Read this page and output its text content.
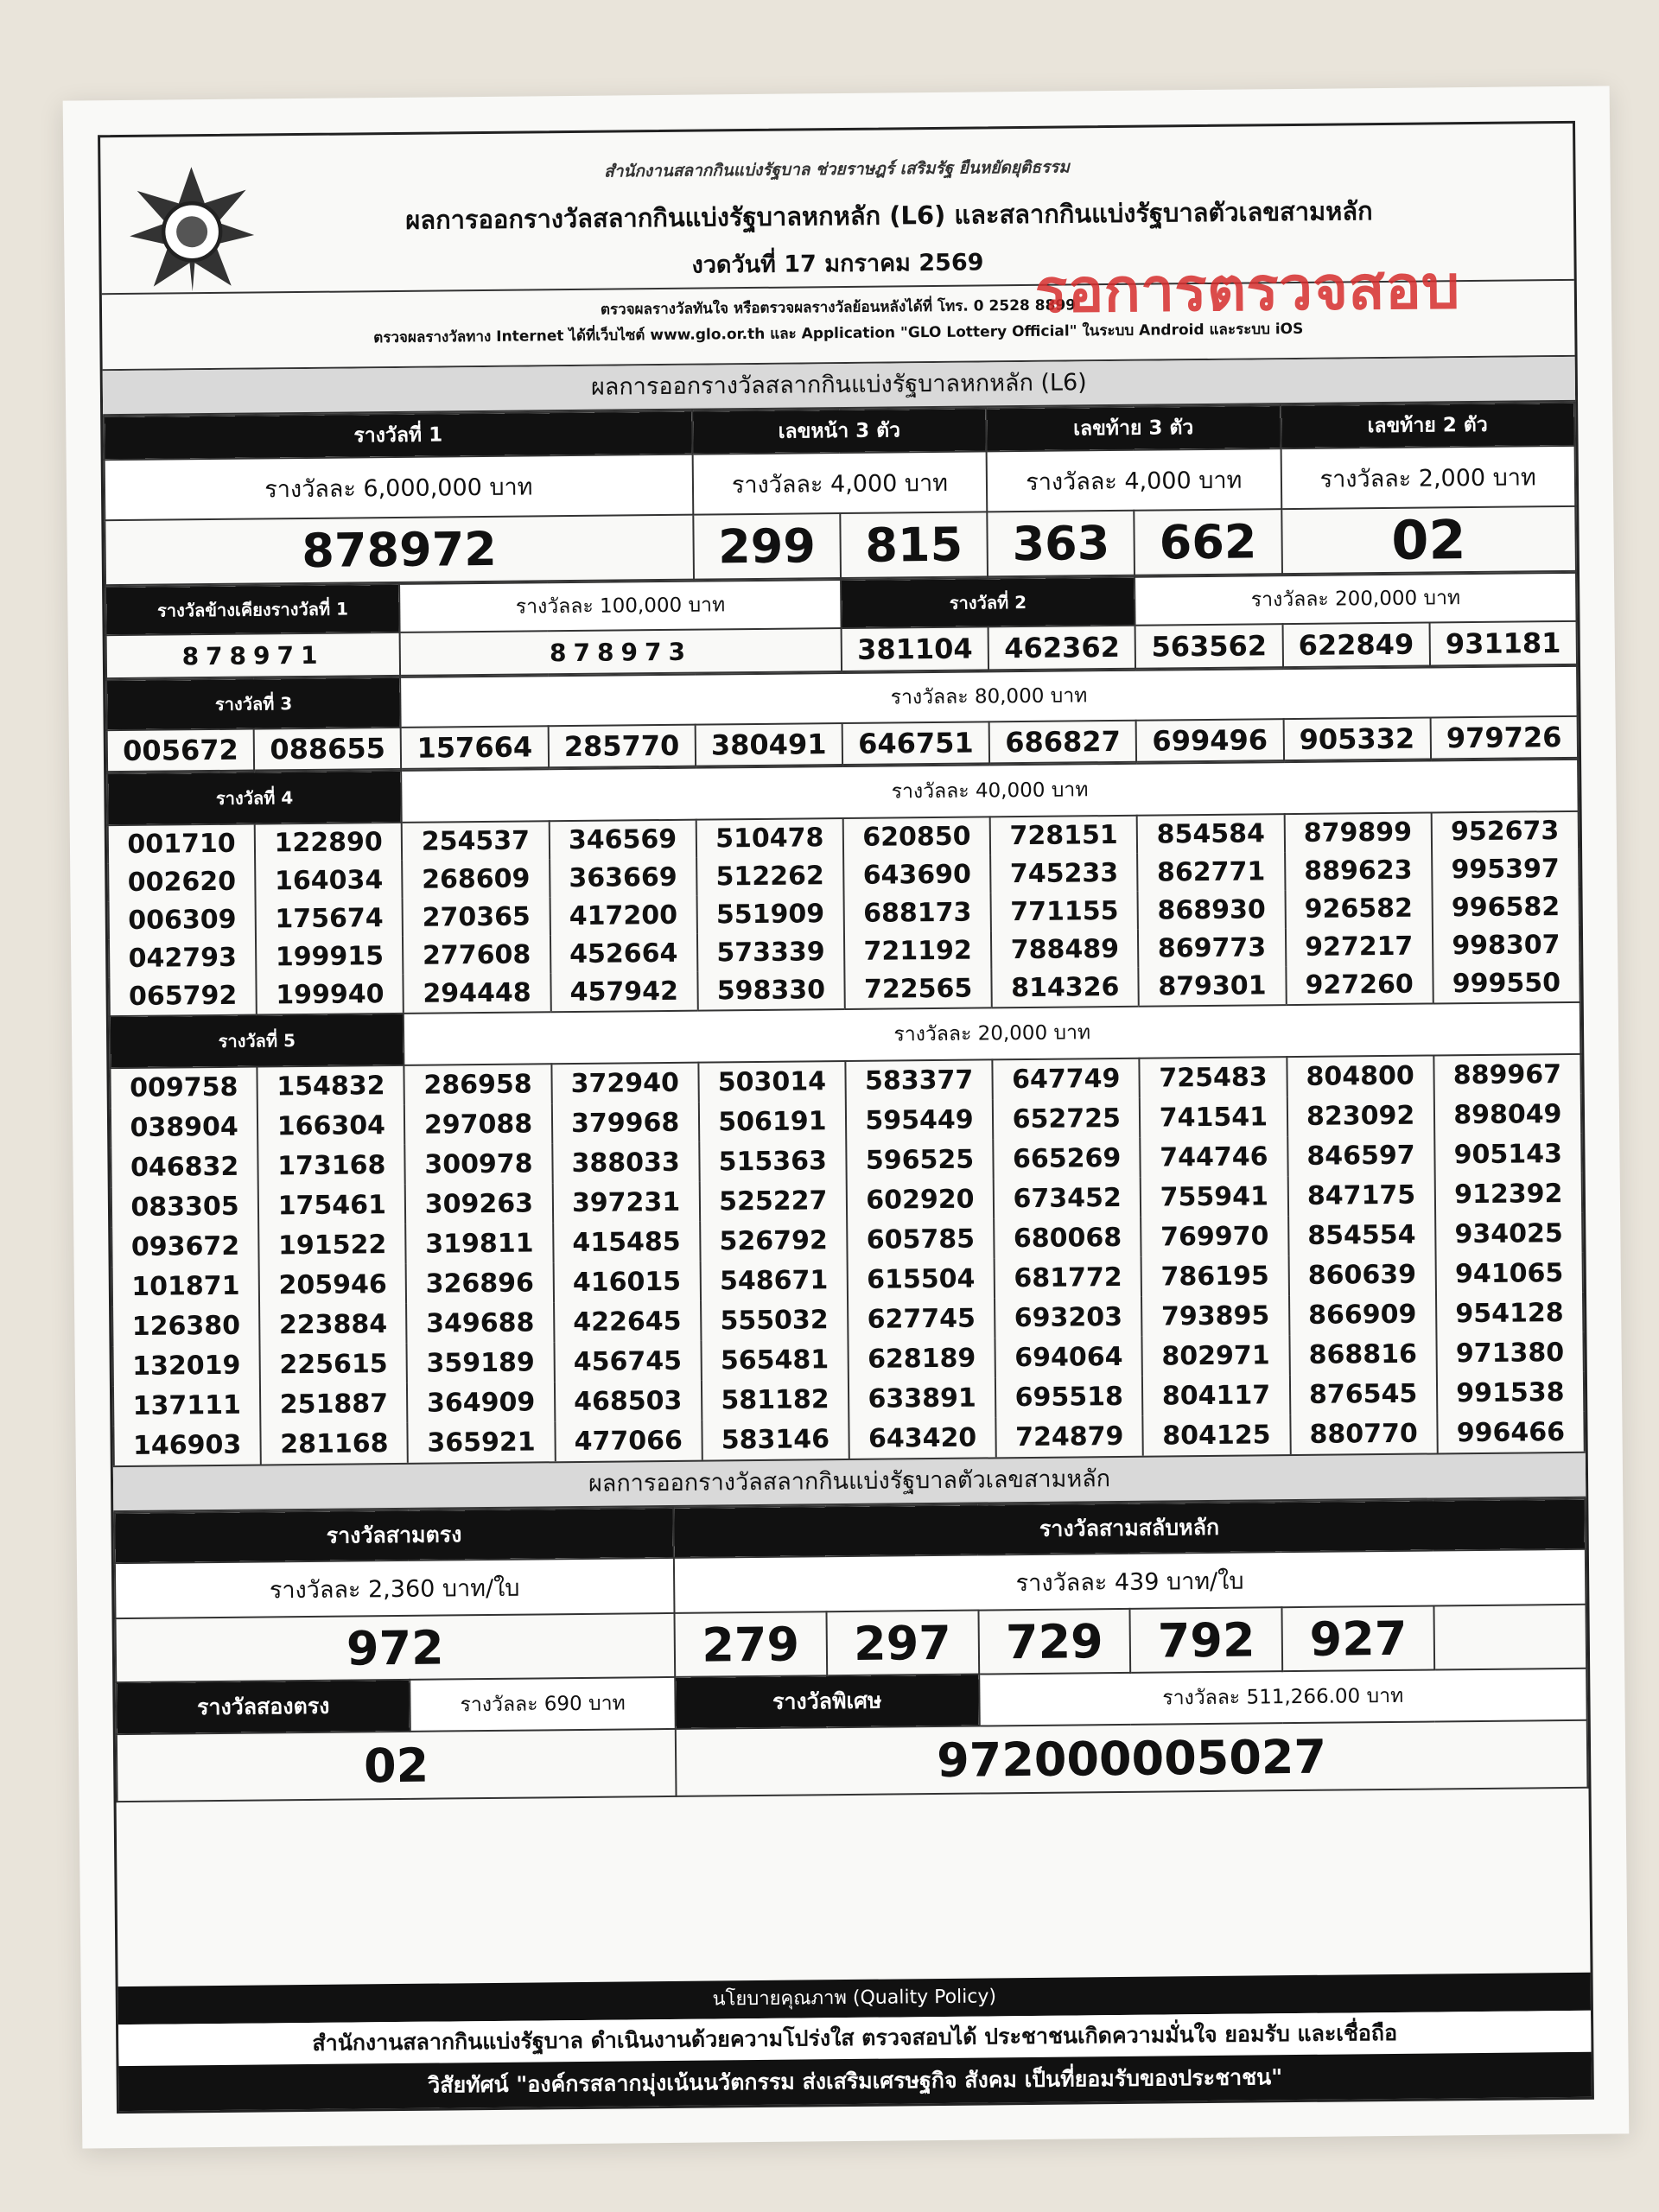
สำนักงานสลากกินแบ่งรัฐบาล ช่วยราษฎร์ เสริมรัฐ ยืนหยัดยุติธรรม
ผลการออกรางวัลสลากกินแบ่งรัฐบาลหกหลัก (L6) และสลากกินแบ่งรัฐบาลตัวเลขสามหลัก
งวดวันที่ 17 มกราคม 2569 รอการตรวจสอบ
ตรวจผลรางวัลทันใจ หรือตรวจผลรางวัลย้อนหลังได้ที่ โทร. 0 2528 8899
ตรวจผลรางวัลทาง Internet ได้ที่เว็บไซต์ www.glo.or.th และ Application "GLO Lottery Official" ในระบบ Android และระบบ iOS
ผลการออกรางวัลสลากกินแบ่งรัฐบาลหกหลัก (L6)
รางวัลที่ 1	เลขหน้า 3 ตัว		เลขท้าย 3 ตัว		เลขท้าย 2 ตัว
รางวัลละ 6,000,000 บาท	รางวัลละ 4,000 บาท		รางวัลละ 4,000 บาท		รางวัลละ 2,000 บาท
878972	299	815	363	662	02
รางวัลข้างเคียงรางวัลที่ 1	รางวัลละ 100,000 บาท	รางวัลที่ 2		รางวัลละ 200,000 บาท		
878971	878973	381104	462362	563562	622849	931181
รางวัลที่ 3		รางวัลละ 80,000 บาท							
005672	088655	157664	285770	380491	646751	686827	699496	905332	979726
รางวัลที่ 4		รางวัลละ 40,000 บาท							
001710	122890	254537	346569	510478	620850	728151	854584	879899	952673
002620	164034	268609	363669	512262	643690	745233	862771	889623	995397
006309	175674	270365	417200	551909	688173	771155	868930	926582	996582
042793	199915	277608	452664	573339	721192	788489	869773	927217	998307
065792	199940	294448	457942	598330	722565	814326	879301	927260	999550
รางวัลที่ 5		รางวัลละ 20,000 บาท							
009758	154832	286958	372940	503014	583377	647749	725483	804800	889967
038904	166304	297088	379968	506191	595449	652725	741541	823092	898049
046832	173168	300978	388033	515363	596525	665269	744746	846597	905143
083305	175461	309263	397231	525227	602920	673452	755941	847175	912392
093672	191522	319811	415485	526792	605785	680068	769970	854554	934025
101871	205946	326896	416015	548671	615504	681772	786195	860639	941065
126380	223884	349688	422645	555032	627745	693203	793895	866909	954128
132019	225615	359189	456745	565481	628189	694064	802971	868816	971380
137111	251887	364909	468503	581182	633891	695518	804117	876545	991538
146903	281168	365921	477066	583146	643420	724879	804125	880770	996466
ผลการออกรางวัลสลากกินแบ่งรัฐบาลตัวเลขสามหลัก
รางวัลสามตรง		รางวัลสามสลับหลัก					
รางวัลละ 2,360 บาท/ใบ		รางวัลละ 439 บาท/ใบ					
972		279	297	729	792	927	
รางวัลสองตรง	รางวัลละ 690 บาท	รางวัลพิเศษ		รางวัลละ 511,266.00 บาท			
02		972000005027					
นโยบายคุณภาพ (Quality Policy)
สำนักงานสลากกินแบ่งรัฐบาล ดำเนินงานด้วยความโปร่งใส ตรวจสอบได้ ประชาชนเกิดความมั่นใจ ยอมรับ และเชื่อถือ
วิสัยทัศน์ "องค์กรสลากมุ่งเน้นนวัตกรรม ส่งเสริมเศรษฐกิจ สังคม เป็นที่ยอมรับของประชาชน"
